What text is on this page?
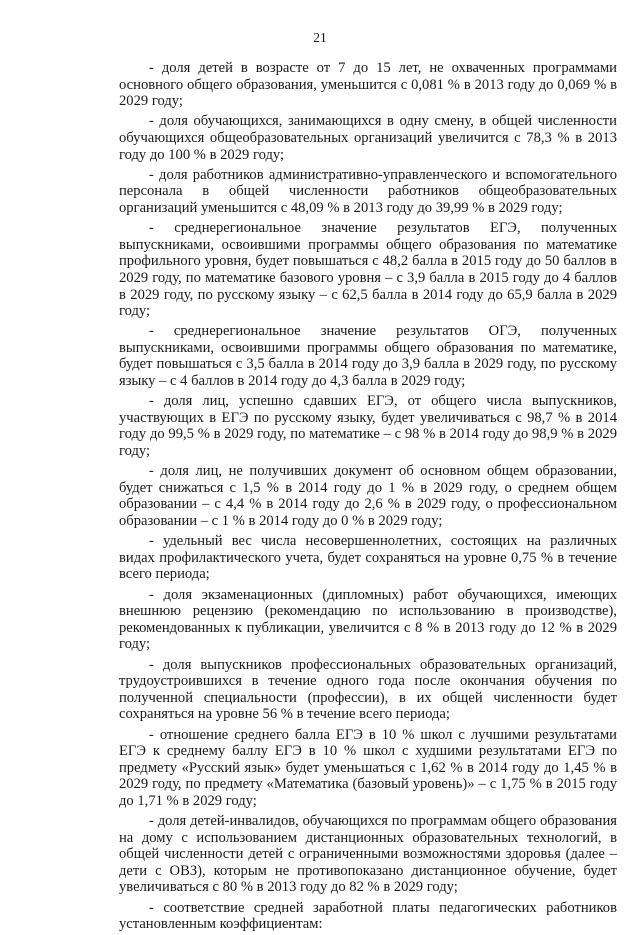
21

- доля детей в возрасте от 7 до 15 лет, не охваченных программами основного общего образования, уменьшится с 0,081 % в 2013 году до 0,069 % в 2029 году;

- доля обучающихся, занимающихся в одну смену, в общей численности обучающихся общеобразовательных организаций увеличится с 78,3 % в 2013 году до 100 % в 2029 году;

- доля работников административно-управленческого и вспомогательного персонала в общей численности работников общеобразовательных организаций уменьшится с 48,09 % в 2013 году до 39,99 % в 2029 году;

- среднерегиональное значение результатов ЕГЭ, полученных выпускниками, освоившими программы общего образования по математике профильного уровня, будет повышаться с 48,2 балла в 2015 году до 50 баллов в 2029 году, по математике базового уровня – с 3,9 балла в 2015 году до 4 баллов в 2029 году, по русскому языку – с 62,5 балла в 2014 году до 65,9 балла в 2029 году;

- среднерегиональное значение результатов ОГЭ, полученных выпускниками, освоившими программы общего образования по математике, будет повышаться с 3,5 балла в 2014 году до 3,9 балла в 2029 году, по русскому языку – с 4 баллов в 2014 году до 4,3 балла в 2029 году;

- доля лиц, успешно сдавших ЕГЭ, от общего числа выпускников, участвующих в ЕГЭ по русскому языку, будет увеличиваться с 98,7 % в 2014 году до 99,5 % в 2029 году, по математике – с 98 % в 2014 году до 98,9 % в 2029 году;

- доля лиц, не получивших документ об основном общем образовании, будет снижаться с 1,5 % в 2014 году до 1 % в 2029 году, о среднем общем образовании – с 4,4 % в 2014 году до 2,6 % в 2029 году, о профессиональном образовании – с 1 % в 2014 году до 0 % в 2029 году;

- удельный вес числа несовершеннолетних, состоящих на различных видах профилактического учета, будет сохраняться на уровне 0,75 % в течение всего периода;

- доля экзаменационных (дипломных) работ обучающихся, имеющих внешнюю рецензию (рекомендацию по использованию в производстве), рекомендованных к публикации, увеличится с 8 % в 2013 году до 12 % в 2029 году;

- доля выпускников профессиональных образовательных организаций, трудоустроившихся в течение одного года после окончания обучения по полученной специальности (профессии), в их общей численности будет сохраняться на уровне 56 % в течение всего периода;

- отношение среднего балла ЕГЭ в 10 % школ с лучшими результатами ЕГЭ к среднему баллу ЕГЭ в 10 % школ с худшими результатами ЕГЭ по предмету «Русский язык» будет уменьшаться с 1,62 % в 2014 году до 1,45 % в 2029 году, по предмету «Математика (базовый уровень)» – с 1,75 % в 2015 году до 1,71 % в 2029 году;

- доля детей-инвалидов, обучающихся по программам общего образования на дому с использованием дистанционных образовательных технологий, в общей численности детей с ограниченными возможностями здоровья (далее – дети с ОВЗ), которым не противопоказано дистанционное обучение, будет увеличиваться с 80 % в 2013 году до 82 % в 2029 году;

- соответствие средней заработной платы педагогических работников установленным коэффициентам:
